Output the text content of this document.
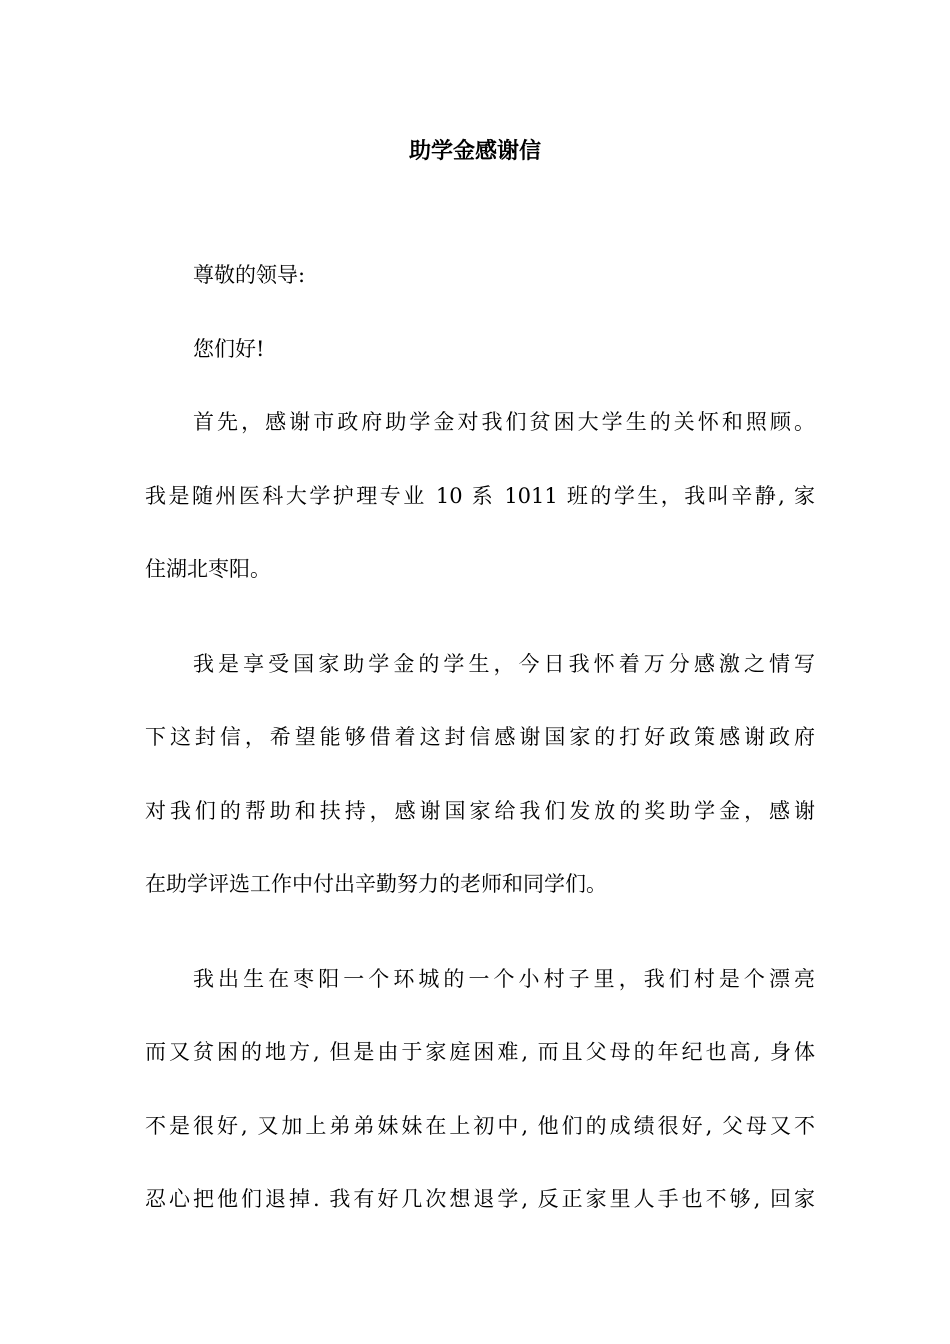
助学金感谢信

尊敬的领导:

您们好!

首先，感谢市政府助学金对我们贫困大学生的关怀和照顾。

我是随州医科大学护理专业 10 系 1011 班的学生，我叫辛静, 家
住湖北枣阳。

我是享受国家助学金的学生，今日我怀着万分感激之情写

下这封信，希望能够借着这封信感谢国家的打好政策感谢政府
对我们的帮助和扶持，感谢国家给我们发放的奖助学金，感谢
在助学评选工作中付出辛勤努力的老师和同学们。

我出生在枣阳一个环城的一个小村子里，我们村是个漂亮

而又贫困的地方, 但是由于家庭困难, 而且父母的年纪也高, 身体
不是很好, 又加上弟弟妹妹在上初中, 他们的成绩很好, 父母又不
忍心把他们退掉. 我有好几次想退学, 反正家里人手也不够, 回家
